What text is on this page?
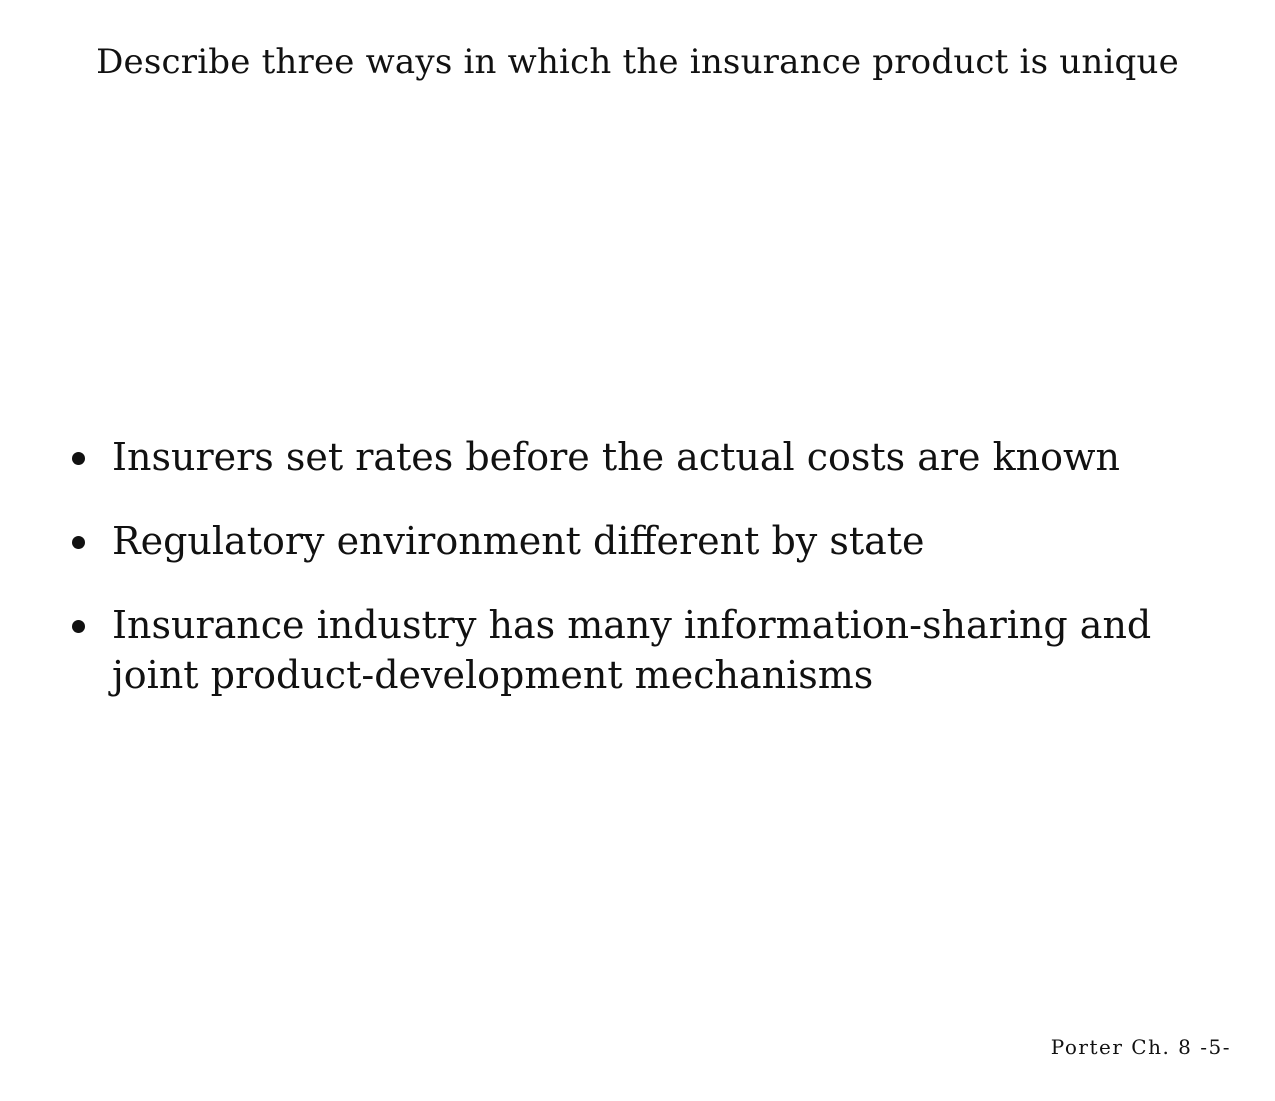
Describe three ways in which the insurance product is unique
Insurers set rates before the actual costs are known
Regulatory environment different by state
Insurance industry has many information-sharing and joint product-development mechanisms
Porter Ch. 8 -5-
